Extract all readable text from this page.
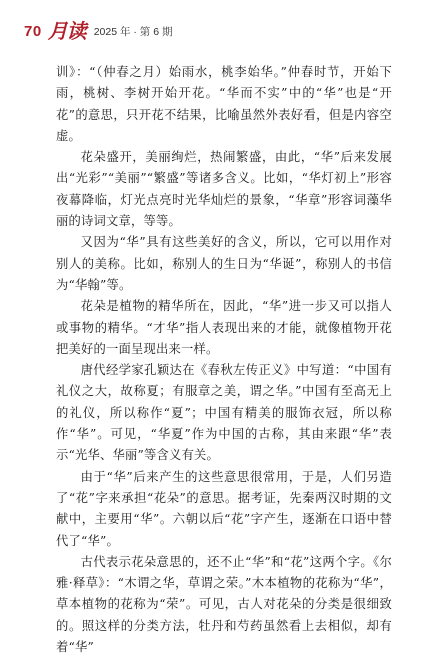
70 月读 2025 年 · 第 6 期

训》：“（仲春之月）始雨水，桃李始华。”仲春时节，开始下雨，桃树、李树开始开花。“华而不实”中的“华”也是“开花”的意思，只开花不结果，比喻虽然外表好看，但是内容空虚。

花朵盛开，美丽绚烂，热闹繁盛，由此，“华”后来发展出“光彩”“美丽”“繁盛”等诸多含义。比如，“华灯初上”形容夜幕降临，灯光点亮时光华灿烂的景象，“华章”形容词藻华丽的诗词文章，等等。

又因为“华”具有这些美好的含义，所以，它可以用作对别人的美称。比如，称别人的生日为“华诞”，称别人的书信为“华翰”等。

花朵是植物的精华所在，因此，“华”进一步又可以指人或事物的精华。“才华”指人表现出来的才能，就像植物开花把美好的一面呈现出来一样。

唐代经学家孔颖达在《春秋左传正义》中写道：“中国有礼仪之大，故称夏；有服章之美，谓之华。”中国有至高无上的礼仪，所以称作“夏”；中国有精美的服饰衣冠，所以称作“华”。可见，“华夏”作为中国的古称，其由来跟“华”表示“光华、华丽”等含义有关。

由于“华”后来产生的这些意思很常用，于是，人们另造了“花”字来承担“花朵”的意思。据考证，先秦两汉时期的文献中，主要用“华”。六朝以后“花”字产生，逐渐在口语中替代了“华”。

古代表示花朵意思的，还不止“华”和“花”这两个字。《尔雅·释草》：“木谓之华，草谓之荣。”木本植物的花称为“华”，草本植物的花称为“荣”。可见，古人对花朵的分类是很细致的。照这样的分类方法，牡丹和芍药虽然看上去相似，却有着“华”
